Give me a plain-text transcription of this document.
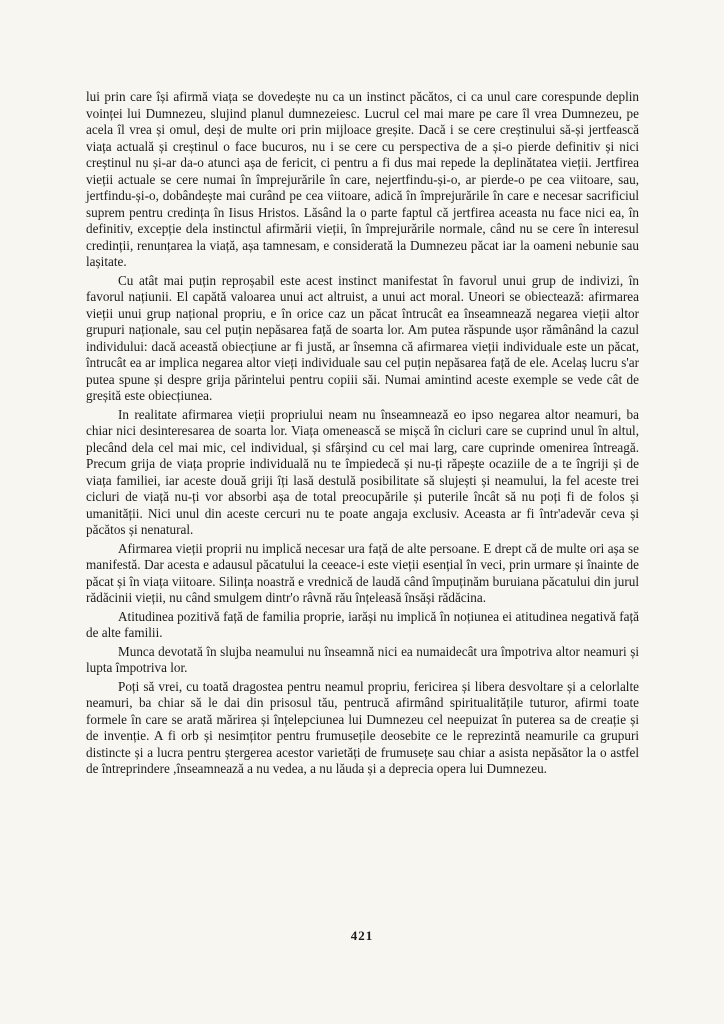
lui prin care își afirmă viața se dovedește nu ca un instinct păcătos, ci ca unul care corespunde deplin voinței lui Dumnezeu, slujind planul dumnezeiesc. Lucrul cel mai mare pe care îl vrea Dumnezeu, pe acela îl vrea și omul, deși de multe ori prin mijloace greșite. Dacă i se cere creștinului să-și jertfească viața actuală și creștinul o face bucuros, nu i se cere cu perspectiva de a și-o pierde definitiv și nici creștinul nu și-ar da-o atunci așa de fericit, ci pentru a fi dus mai repede la deplinătatea vieții. Jertfirea vieții actuale se cere numai în împrejurările în care, nejertfindu-și-o, ar pierde-o pe cea viitoare, sau, jertfindu-și-o, dobândește mai curând pe cea viitoare, adică în împrejurările în care e necesar sacrificiul suprem pentru credința în Iisus Hristos. Lăsând la o parte faptul că jertfirea aceasta nu face nici ea, în definitiv, excepție dela instinctul afirmării vieții, în împrejurările normale, când nu se cere în interesul credinții, renunțarea la viață, așa tamnesam, e considerată la Dumnezeu păcat iar la oameni nebunie sau lașitate.

Cu atât mai puțin reproșabil este acest instinct manifestat în favorul unui grup de indivizi, în favorul națiunii. El capătă valoarea unui act altruist, a unui act moral. Uneori se obiectează: afirmarea vieții unui grup național propriu, e în orice caz un păcat întrucât ea înseamnează negarea vieții altor grupuri naționale, sau cel puțin nepăsarea față de soarta lor. Am putea răspunde ușor rămânând la cazul individului: dacă această obiecțiune ar fi justă, ar însemna că afirmarea vieții individuale este un păcat, întrucât ea ar implica negarea altor vieți individuale sau cel puțin nepăsarea față de ele. Acelaș lucru s'ar putea spune și despre grija părintelui pentru copiii săi. Numai amintind aceste exemple se vede cât de greșită este obiecțiunea.

In realitate afirmarea vieții propriului neam nu înseamnează eo ipso negarea altor neamuri, ba chiar nici desinteresarea de soarta lor. Viața omenească se mișcă în cicluri care se cuprind unul în altul, plecând dela cel mai mic, cel individual, și sfârșind cu cel mai larg, care cuprinde omenirea întreagă. Precum grija de viața proprie individuală nu te împiedecă și nu-ți răpește ocaziile de a te îngriji și de viața familiei, iar aceste două griji îți lasă destulă posibilitate să slujești și neamului, la fel aceste trei cicluri de viață nu-ți vor absorbi așa de total preocupările și puterile încât să nu poți fi de folos și umanității. Nici unul din aceste cercuri nu te poate angaja exclusiv. Aceasta ar fi într'adevăr ceva și păcătos și nenatural.

Afirmarea vieții proprii nu implică necesar ura față de alte persoane. E drept că de multe ori așa se manifestă. Dar acesta e adausul păcatului la ceeace-i este vieții esențial în veci, prin urmare și înainte de păcat și în viața viitoare. Silința noastră e vrednică de laudă când împuținăm buruiana păcatului din jurul rădăcinii vieții, nu când smulgem dintr'o râvnă rău înțeleasă însăși rădăcina.

Atitudinea pozitivă față de familia proprie, iarăși nu implică în noțiunea ei atitudinea negativă față de alte familii.

Munca devotată în slujba neamului nu înseamnă nici ea numaidecât ura împotriva altor neamuri și lupta împotriva lor.

Poți să vrei, cu toată dragostea pentru neamul propriu, fericirea și libera desvoltare și a celorlalte neamuri, ba chiar să le dai din prisosul tău, pentrucă afirmând spiritualitățile tuturor, afirmi toate formele în care se arată mărirea și înțelepciunea lui Dumnezeu cel neepuizat în puterea sa de creație și de invenție. A fi orb și nesimțitor pentru frumusețile deosebite ce le reprezintă neamurile ca grupuri distincte și a lucra pentru ștergerea acestor varietăți de frumusețe sau chiar a asista nepăsător la o astfel de întreprindere ,înseamnează a nu vedea, a nu lăuda și a deprecia opera lui Dumnezeu.

421
